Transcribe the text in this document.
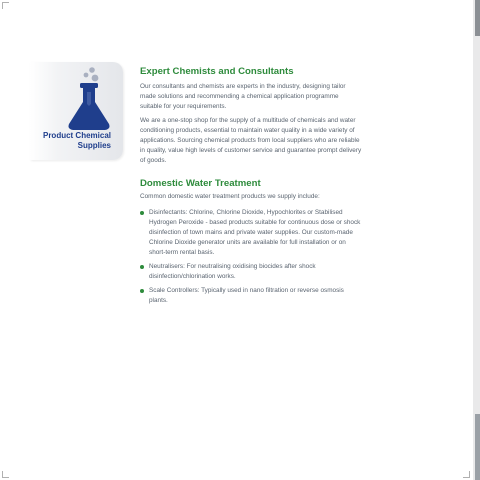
Product Chemical Supplies
Expert Chemists and Consultants

Our consultants and chemists are experts in the industry, designing tailor made solutions and recommending a chemical application programme suitable for your requirements.

We are a one-stop shop for the supply of a multitude of chemicals and water conditioning products, essential to maintain water quality in a wide variety of applications. Sourcing chemical products from local suppliers who are reliable in quality, value high levels of customer service and guarantee prompt delivery of goods.

Domestic Water Treatment

Common domestic water treatment products we supply include:

Disinfectants: Chlorine, Chlorine Dioxide, Hypochlorites or Stabilised Hydrogen Peroxide - based products suitable for continuous dose or shock disinfection of town mains and private water supplies. Our custom-made Chlorine Dioxide generator units are available for full installation or on short-term rental basis.
Neutralisers: For neutralising oxidising biocides after shock disinfection/chlorination works.
Scale Controllers: Typically used in nano filtration or reverse osmosis plants.
